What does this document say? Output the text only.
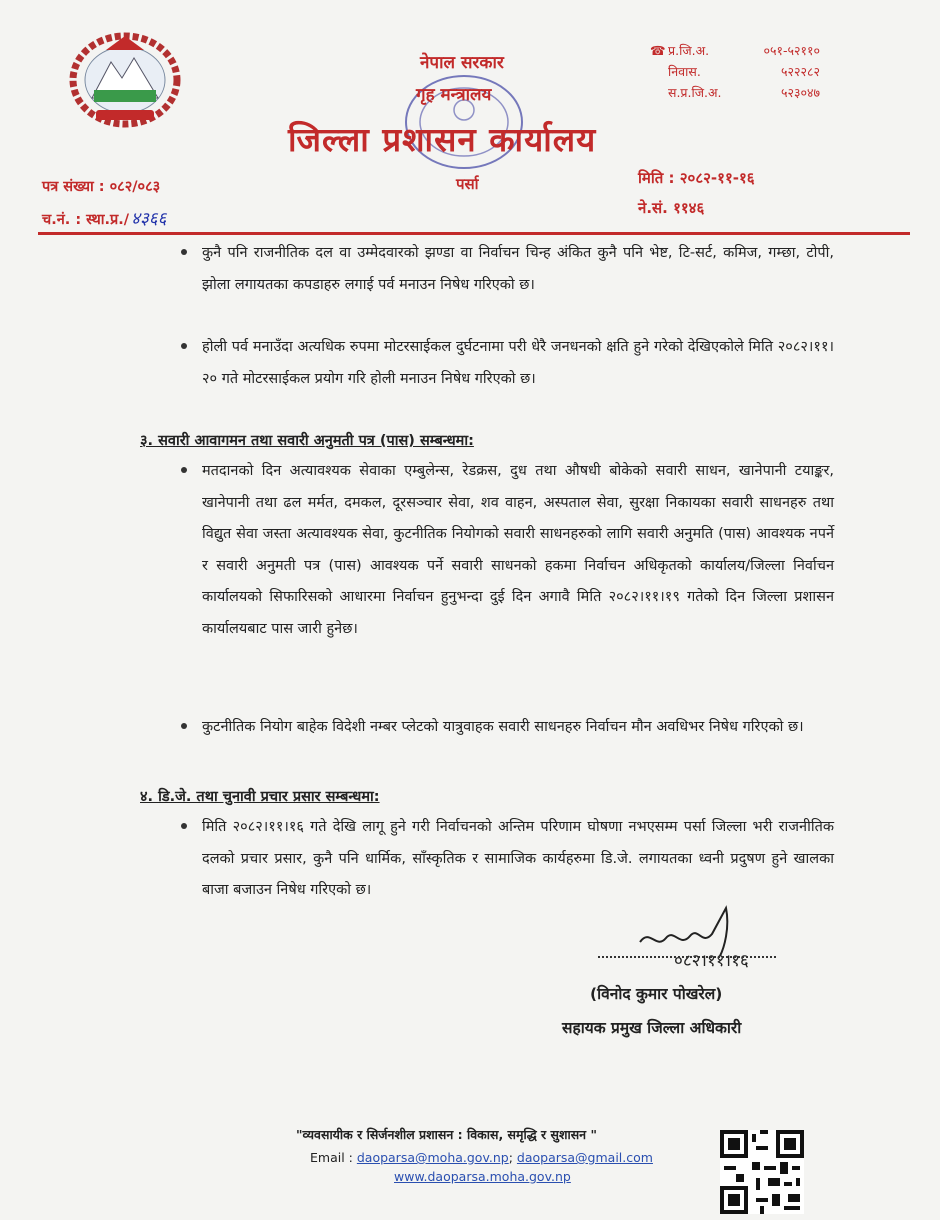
नेपाल सरकार
गृह मन्त्रालय
जिल्ला प्रशासन कार्यालय
पर्सा
☎ प्र.जि.अ.	०५१-५२११०
निवास.	५२२२८२
स.प्र.जि.अ.	५२३०४७
पत्र संख्या : ०८२/०८३
च.नं. : स्था.प्र./ ४३६६
मिति : २०८२-११-१६
ने.सं. ११४६

कुनै पनि राजनीतिक दल वा उम्मेदवारको झण्डा वा निर्वाचन चिन्ह अंकित कुनै पनि भेष्ट, टि-सर्ट, कमिज, गम्छा, टोपी, झोला लगायतका कपडाहरु लगाई पर्व मनाउन निषेध गरिएको छ।

होली पर्व मनाउँदा अत्यधिक रुपमा मोटरसाईकल दुर्घटनामा परी धेरै जनधनको क्षति हुने गरेको देखिएकोले मिति २०८२।११।२० गते मोटरसाईकल प्रयोग गरि होली मनाउन निषेध गरिएको छ।

३. सवारी आवागमन तथा सवारी अनुमती पत्र (पास) सम्बन्धमा:

मतदानको दिन अत्यावश्यक सेवाका एम्बुलेन्स, रेडक्रस, दुध तथा औषधी बोकेको सवारी साधन, खानेपानी टयाङ्कर, खानेपानी तथा ढल मर्मत, दमकल, दूरसञ्चार सेवा, शव वाहन, अस्पताल सेवा, सुरक्षा निकायका सवारी साधनहरु तथा विद्युत सेवा जस्ता अत्यावश्यक सेवा, कुटनीतिक नियोगको सवारी साधनहरुको लागि सवारी अनुमति (पास) आवश्यक नपर्ने र सवारी अनुमती पत्र (पास) आवश्यक पर्ने सवारी साधनको हकमा निर्वाचन अधिकृतको कार्यालय/जिल्ला निर्वाचन कार्यालयको सिफारिसको आधारमा निर्वाचन हुनुभन्दा दुई दिन अगावै मिति २०८२।११।१९ गतेको दिन जिल्ला प्रशासन कार्यालयबाट पास जारी हुनेछ।

कुटनीतिक नियोग बाहेक विदेशी नम्बर प्लेटको यात्रुवाहक सवारी साधनहरु निर्वाचन मौन अवधिभर निषेध गरिएको छ।

४. डि.जे. तथा चुनावी प्रचार प्रसार सम्बन्धमा:

मिति २०८२।११।१६ गते देखि लागू हुने गरी निर्वाचनको अन्तिम परिणाम घोषणा नभएसम्म पर्सा जिल्ला भरी राजनीतिक दलको प्रचार प्रसार, कुनै पनि धार्मिक, साँस्कृतिक र सामाजिक कार्यहरुमा डि.जे. लगायतका ध्वनी प्रदुषण हुने खालका बाजा बजाउन निषेध गरिएको छ।

०८२।११।१६
(विनोद कुमार पोखरेल)
सहायक प्रमुख जिल्ला अधिकारी
"व्यवसायीक र सिर्जनशील प्रशासन : विकास, समृद्धि र सुशासन "
Email : daoparsa@moha.gov.np; daoparsa@gmail.com
www.daoparsa.moha.gov.np
